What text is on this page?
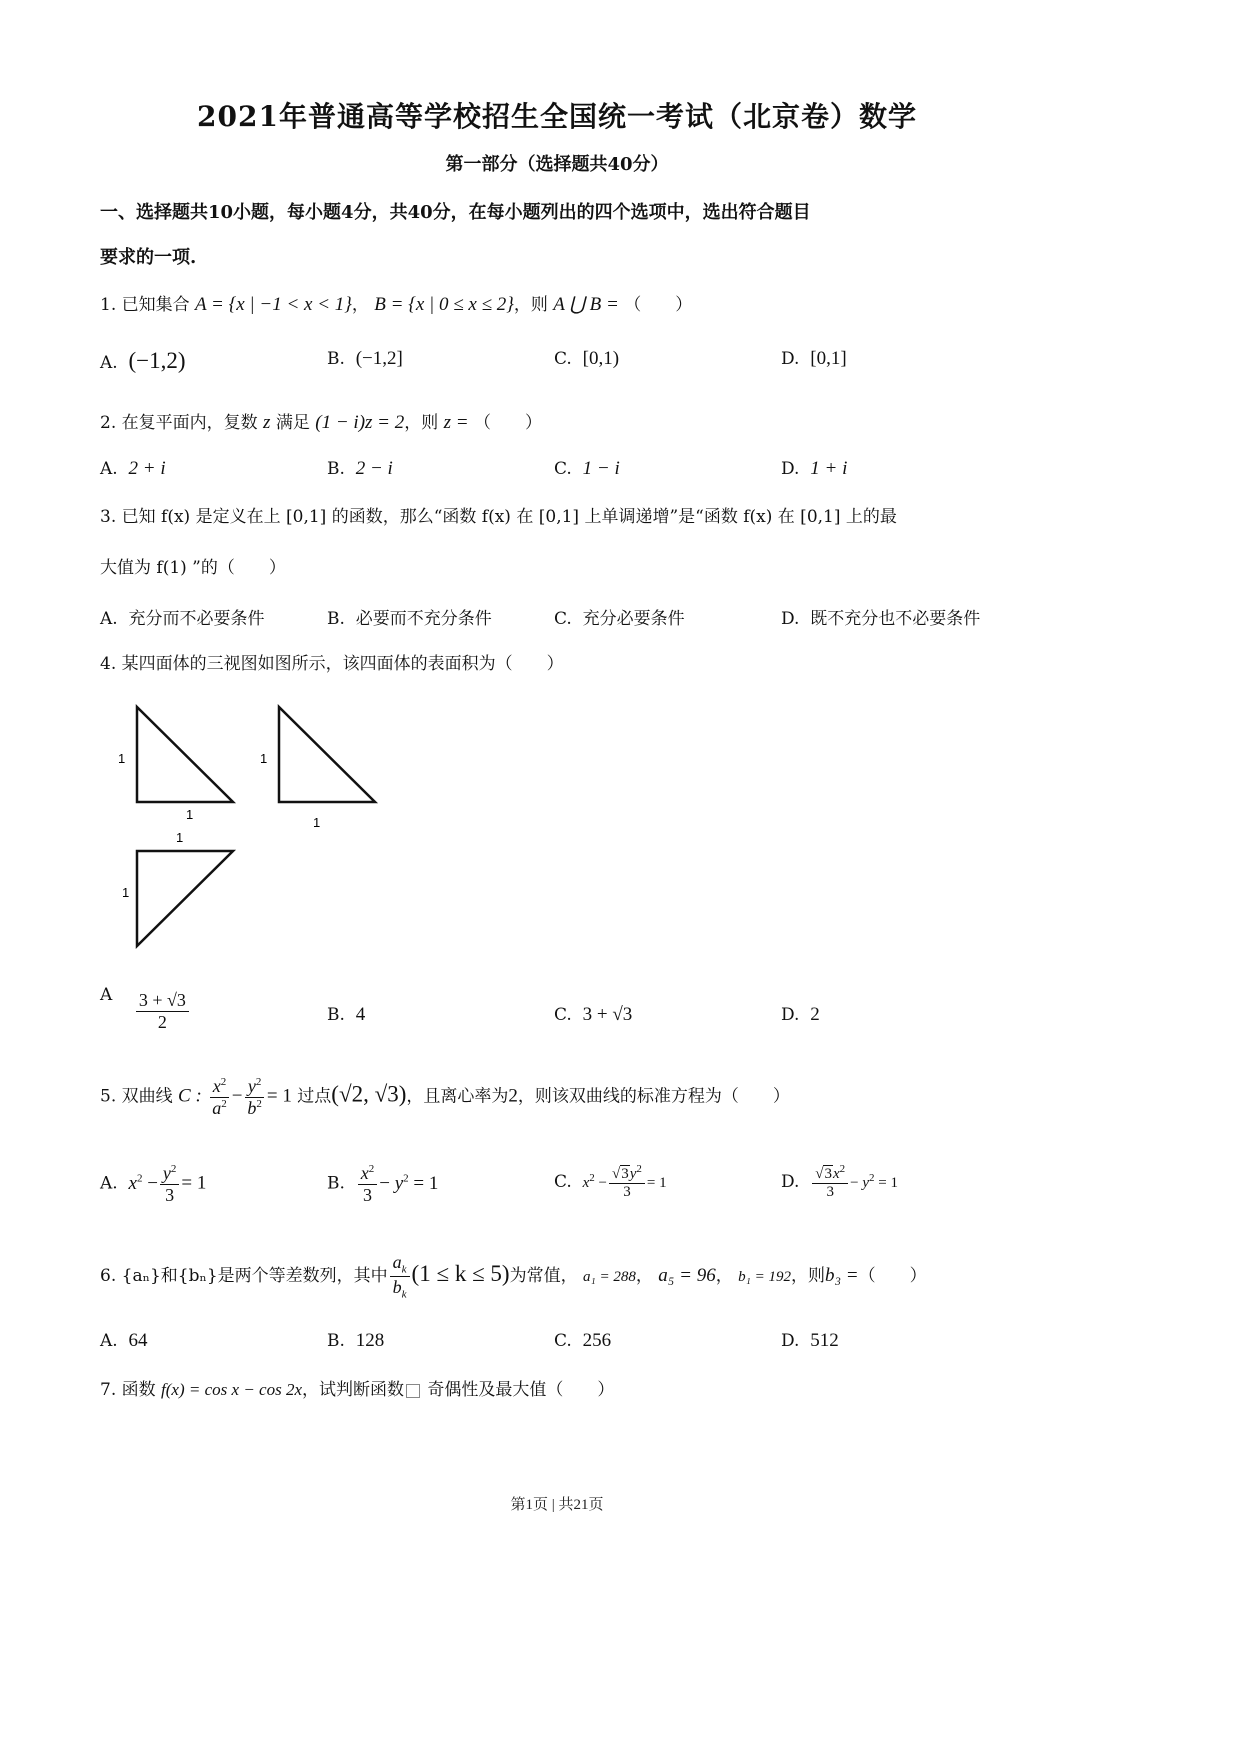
2021年普通高等学校招生全国统一考试（北京卷）数学
第一部分（选择题共40分）
一、选择题共10小题，每小题4分，共40分，在每小题列出的四个选项中，选出符合题目
要求的一项.
1. 已知集合 A = {x | −1 < x < 1}， B = {x | 0 ≤ x ≤ 2}，则 A ⋃ B = （　　）
A. (−1,2)	B. (−1,2]	C. [0,1)	D. [0,1]
2. 在复平面内，复数 z 满足 (1 − i)z = 2，则 z = （　　）
A. 2 + i	B. 2 − i	C. 1 − i	D. 1 + i
3. 已知 f(x) 是定义在上 [0,1] 的函数，那么“函数 f(x) 在 [0,1] 上单调递增”是“函数 f(x) 在 [0,1] 上的最
大值为 f(1) ”的（　　）
A. 充分而不必要条件	B. 必要而不充分条件	C. 充分必要条件	D. 既不充分也不必要条件
4. 某四面体的三视图如图所示，该四面体的表面积为（　　）
1
1
1
1
1
1
A $\frac{3 + √3}{2}$	B. 4	C. 3 + √3	D. 2
5. 双曲线 C : $\frac{x^2}{a^2} - \frac{y^2}{b^2} = 1$ 过点(√2, √3)，且离心率为2，则该双曲线的标准方程为（　　）
A. $x^2 - \frac{y^2}{3} = 1$	B. $\frac{x^2}{3} - y^2 = 1$	C. $x^2 - \frac{√3y^2}{3} = 1$	D. $\frac{√3x^2}{3} - y^2 = 1$
6. {aₙ}和{bₙ}是两个等差数列，其中 $\frac{a_k}{b_k} (1 \le k \le 5)$为常值， a₁ = 288， a₅ = 96， b₁ = 192，则b₃ =（　　）
A. 64	B. 128	C. 256	D. 512
7. 函数 f(x) = cos x − cos 2x，试判断函数 奇偶性及最大值（　　）
第1页 | 共21页
